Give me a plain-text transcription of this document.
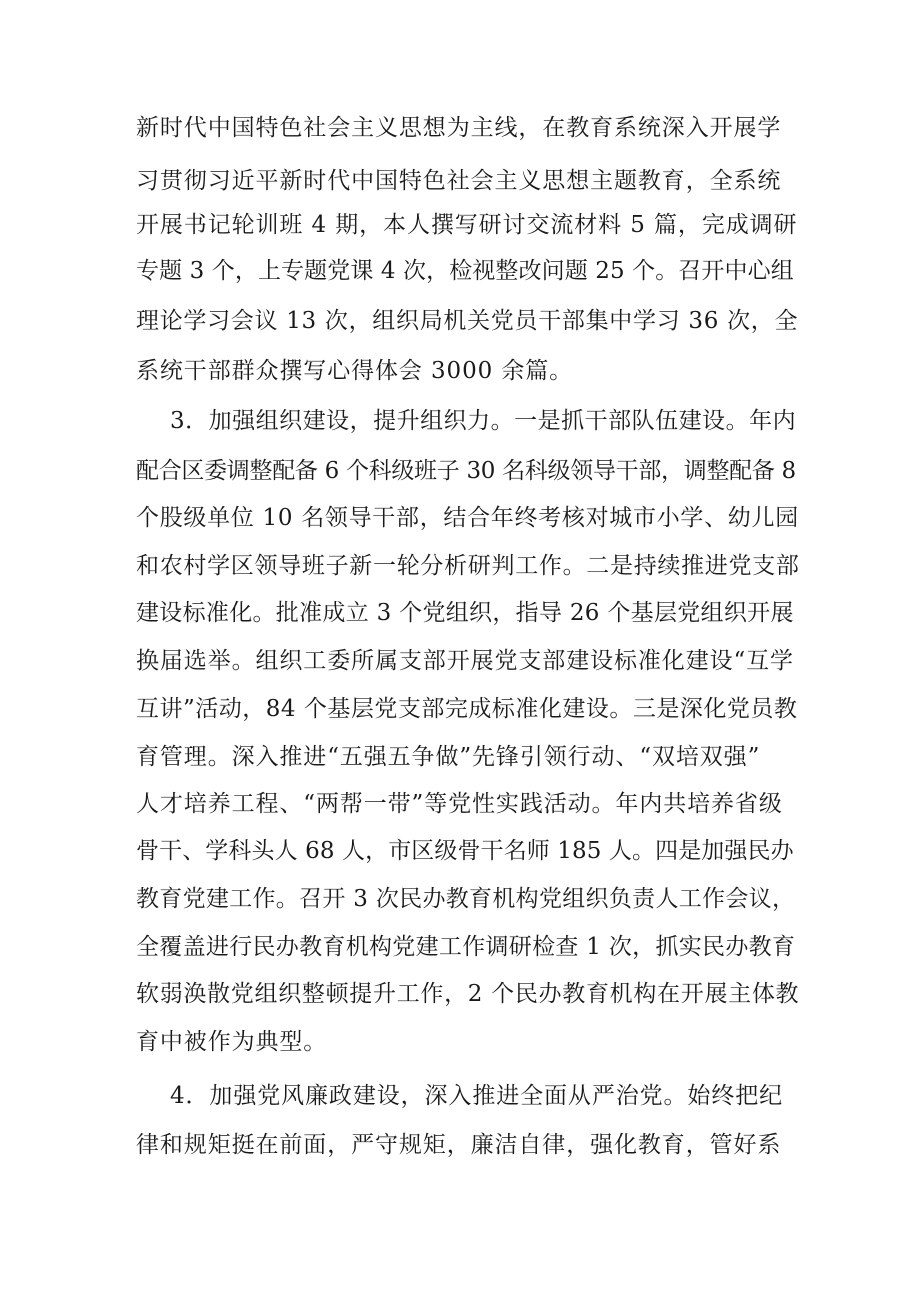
新时代中国特色社会主义思想为主线，在教育系统深入开展学
习贯彻习近平新时代中国特色社会主义思想主题教育，全系统
开展书记轮训班 4 期，本人撰写研讨交流材料 5 篇，完成调研
专题 3 个，上专题党课 4 次，检视整改问题 25 个。召开中心组
理论学习会议 13 次，组织局机关党员干部集中学习 36 次，全
系统干部群众撰写心得体会 3000 余篇。
3．加强组织建设，提升组织力。一是抓干部队伍建设。年内
配合区委调整配备 6 个科级班子 30 名科级领导干部，调整配备 8
个股级单位 10 名领导干部，结合年终考核对城市小学、幼儿园
和农村学区领导班子新一轮分析研判工作。二是持续推进党支部
建设标准化。批准成立 3 个党组织，指导 26 个基层党组织开展
换届选举。组织工委所属支部开展党支部建设标准化建设“互学
互讲”活动，84 个基层党支部完成标准化建设。三是深化党员教
育管理。深入推进“五强五争做”先锋引领行动、“双培双强”
人才培养工程、“两帮一带”等党性实践活动。年内共培养省级
骨干、学科头人 68 人，市区级骨干名师 185 人。四是加强民办
教育党建工作。召开 3 次民办教育机构党组织负责人工作会议，
全覆盖进行民办教育机构党建工作调研检查 1 次，抓实民办教育
软弱涣散党组织整顿提升工作，2 个民办教育机构在开展主体教
育中被作为典型。
4．加强党风廉政建设，深入推进全面从严治党。始终把纪
律和规矩挺在前面，严守规矩，廉洁自律，强化教育，管好系
